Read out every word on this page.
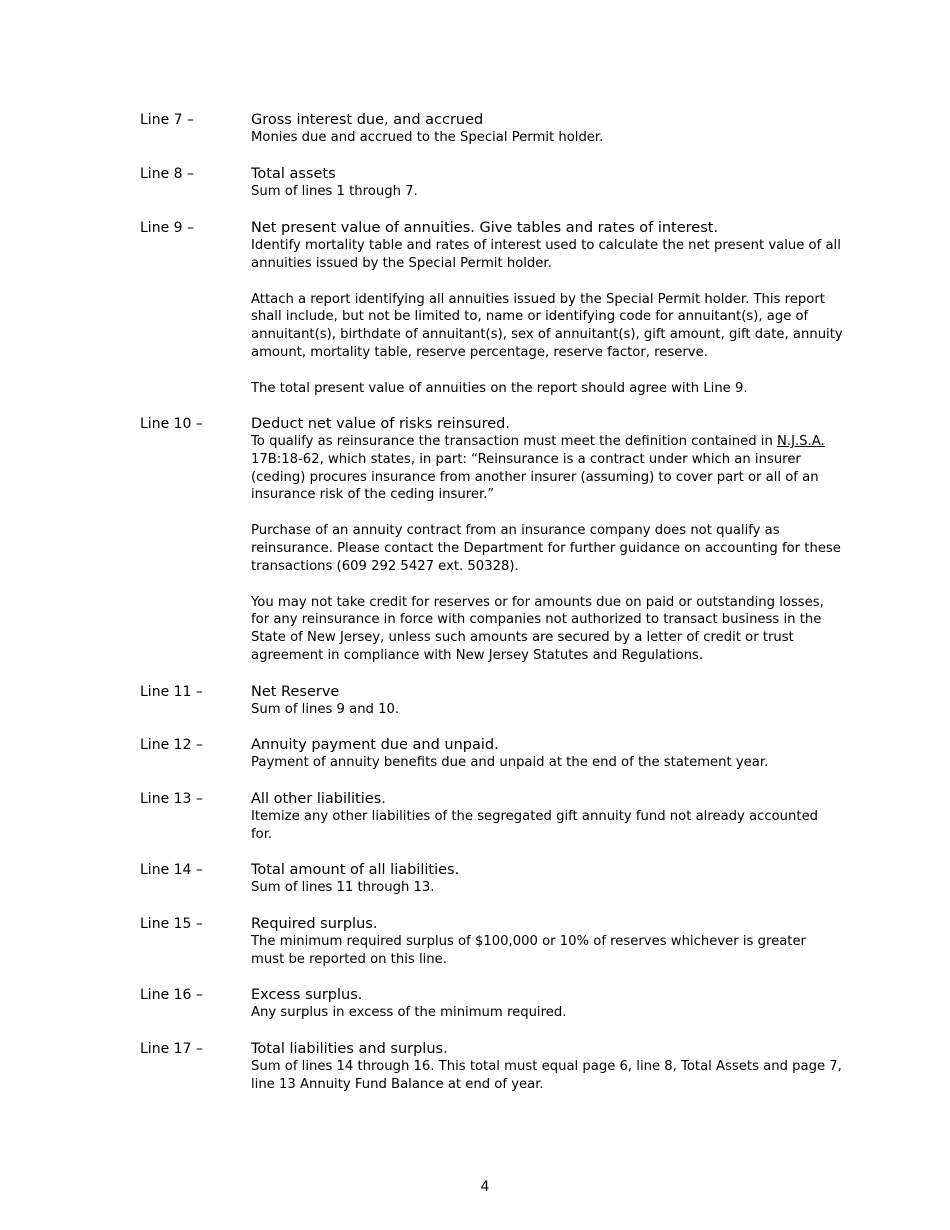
Line 7 –	Gross interest due, and accrued

Monies due and accrued to the Special Permit holder.

Line 8 –	Total assets

Sum of lines 1 through 7.

Line 9 –	Net present value of annuities. Give tables and rates of interest.

Identify mortality table and rates of interest used to calculate the net present value of all annuities issued by the Special Permit holder.

Attach a report identifying all annuities issued by the Special Permit holder. This report shall include, but not be limited to, name or identifying code for annuitant(s), age of annuitant(s), birthdate of annuitant(s), sex of annuitant(s), gift amount, gift date, annuity amount, mortality table, reserve percentage, reserve factor, reserve.

The total present value of annuities on the report should agree with Line 9.

Line 10 –	Deduct net value of risks reinsured.

To qualify as reinsurance the transaction must meet the definition contained in N.J.S.A. 17B:18-62, which states, in part: “Reinsurance is a contract under which an insurer (ceding) procures insurance from another insurer (assuming) to cover part or all of an insurance risk of the ceding insurer.”

Purchase of an annuity contract from an insurance company does not qualify as reinsurance. Please contact the Department for further guidance on accounting for these transactions (609 292 5427 ext. 50328).

You may not take credit for reserves or for amounts due on paid or outstanding losses, for any reinsurance in force with companies not authorized to transact business in the State of New Jersey, unless such amounts are secured by a letter of credit or trust agreement in compliance with New Jersey Statutes and Regulations.

Line 11 –	Net Reserve

Sum of lines 9 and 10.

Line 12 –	Annuity payment due and unpaid.

Payment of annuity benefits due and unpaid at the end of the statement year.

Line 13 –	All other liabilities.

Itemize any other liabilities of the segregated gift annuity fund not already accounted for.

Line 14 –	Total amount of all liabilities.

Sum of lines 11 through 13.

Line 15 –	Required surplus.

The minimum required surplus of $100,000 or 10% of reserves whichever is greater must be reported on this line.

Line 16 –	Excess surplus.

Any surplus in excess of the minimum required.

Line 17 –	Total liabilities and surplus.

Sum of lines 14 through 16. This total must equal page 6, line 8, Total Assets and page 7, line 13 Annuity Fund Balance at end of year.

4
